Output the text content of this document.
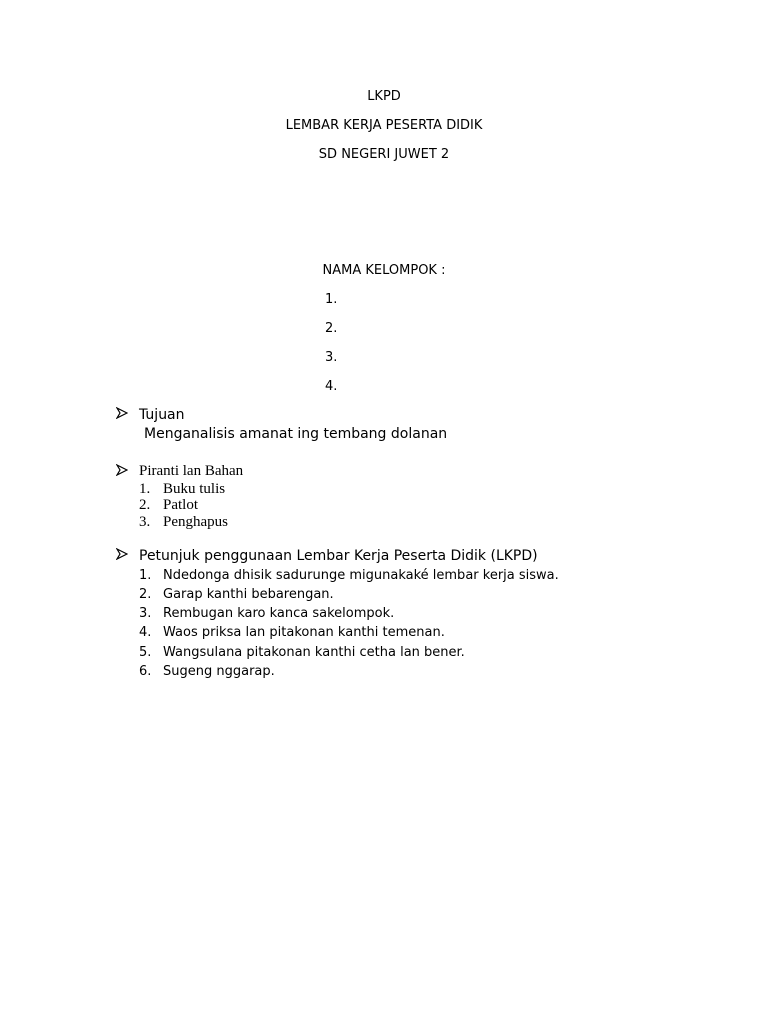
LKPD
LEMBAR KERJA PESERTA DIDIK
SD NEGERI JUWET 2
NAMA KELOMPOK :
1.
2.
3.
4.
Tujuan
Menganalisis amanat ing tembang dolanan
Piranti lan Bahan
1. Buku tulis
2. Patlot
3. Penghapus
Petunjuk penggunaan Lembar Kerja Peserta Didik (LKPD)
1. Ndedonga dhisik sadurunge migunakaké lembar kerja siswa.
2. Garap kanthi bebarengan.
3. Rembugan karo kanca sakelompok.
4. Waos priksa lan pitakonan kanthi temenan.
5. Wangsulana pitakonan kanthi cetha lan bener.
6. Sugeng nggarap.
